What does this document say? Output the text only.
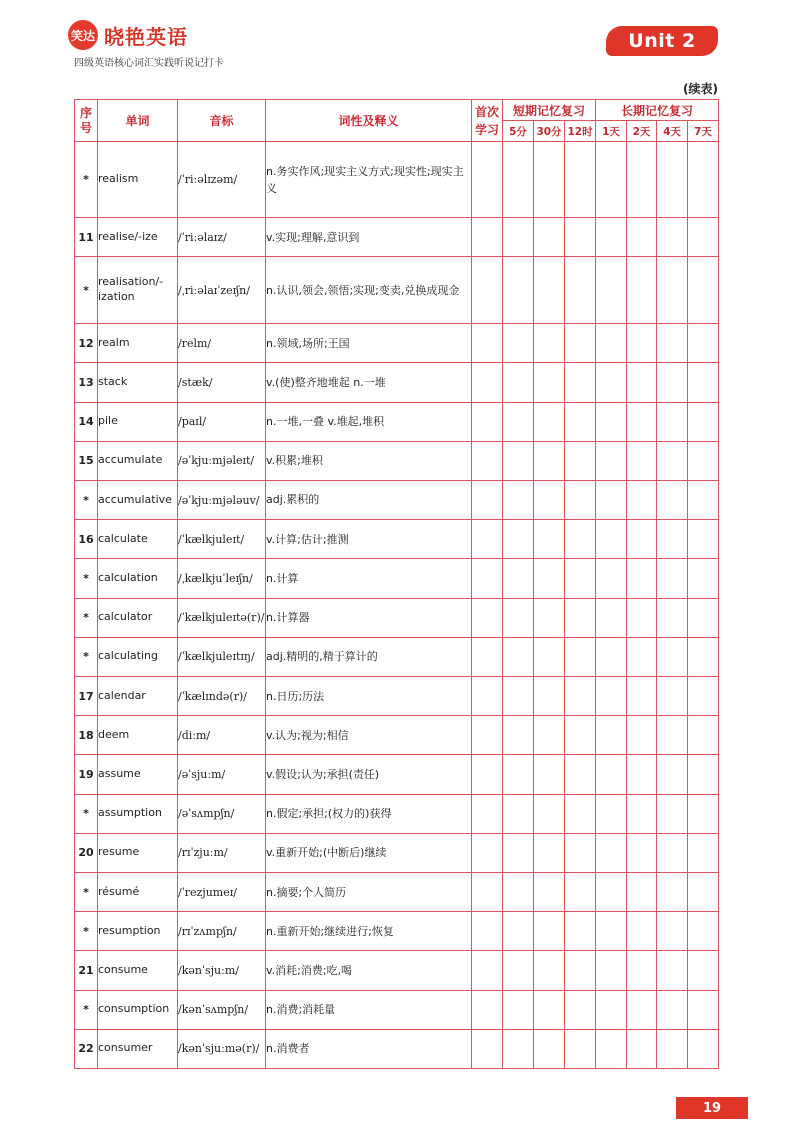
笑达 晓艳英语
四级英语核心词汇实践听说记打卡
Unit 2
(续表)
序号	单词	音标	词性及释义	首次学习	短期记忆复习			长期记忆复习			
					5分	30分	12时	1天	2天	4天	7天
*	realism	/ˈriːəlɪzəm/	n.务实作风;现实主义方式;现实性;现实主义								
11	realise/-ize	/ˈriːəlaɪz/	v.实现;理解,意识到								
*	realisation/-ization	/ˌriːəlaɪˈzeɪʃn/	n.认识,领会,领悟;实现;变卖,兑换成现金								
12	realm	/relm/	n.领域,场所;王国								
13	stack	/stæk/	v.(使)整齐地堆起 n.一堆								
14	pile	/paɪl/	n.一堆,一叠 v.堆起,堆积								
15	accumulate	/əˈkjuːmjəleɪt/	v.积累;堆积								
*	accumulative	/əˈkjuːmjələuv/	adj.累积的								
16	calculate	/ˈkælkjuleɪt/	v.计算;估计;推测								
*	calculation	/ˌkælkjuˈleɪʃn/	n.计算								
*	calculator	/ˈkælkjuleɪtə(r)/	n.计算器								
*	calculating	/ˈkælkjuleɪtɪŋ/	adj.精明的,精于算计的								
17	calendar	/ˈkælɪndə(r)/	n.日历;历法								
18	deem	/diːm/	v.认为;视为;相信								
19	assume	/əˈsjuːm/	v.假设;认为;承担(责任)								
*	assumption	/əˈsʌmpʃn/	n.假定;承担;(权力的)获得								
20	resume	/rɪˈzjuːm/	v.重新开始;(中断后)继续								
*	résumé	/ˈrezjumeɪ/	n.摘要;个人简历								
*	resumption	/rɪˈzʌmpʃn/	n.重新开始;继续进行;恢复								
21	consume	/kənˈsjuːm/	v.消耗;消费;吃,喝								
*	consumption	/kənˈsʌmpʃn/	n.消费;消耗量								
22	consumer	/kənˈsjuːmə(r)/	n.消费者								
19
